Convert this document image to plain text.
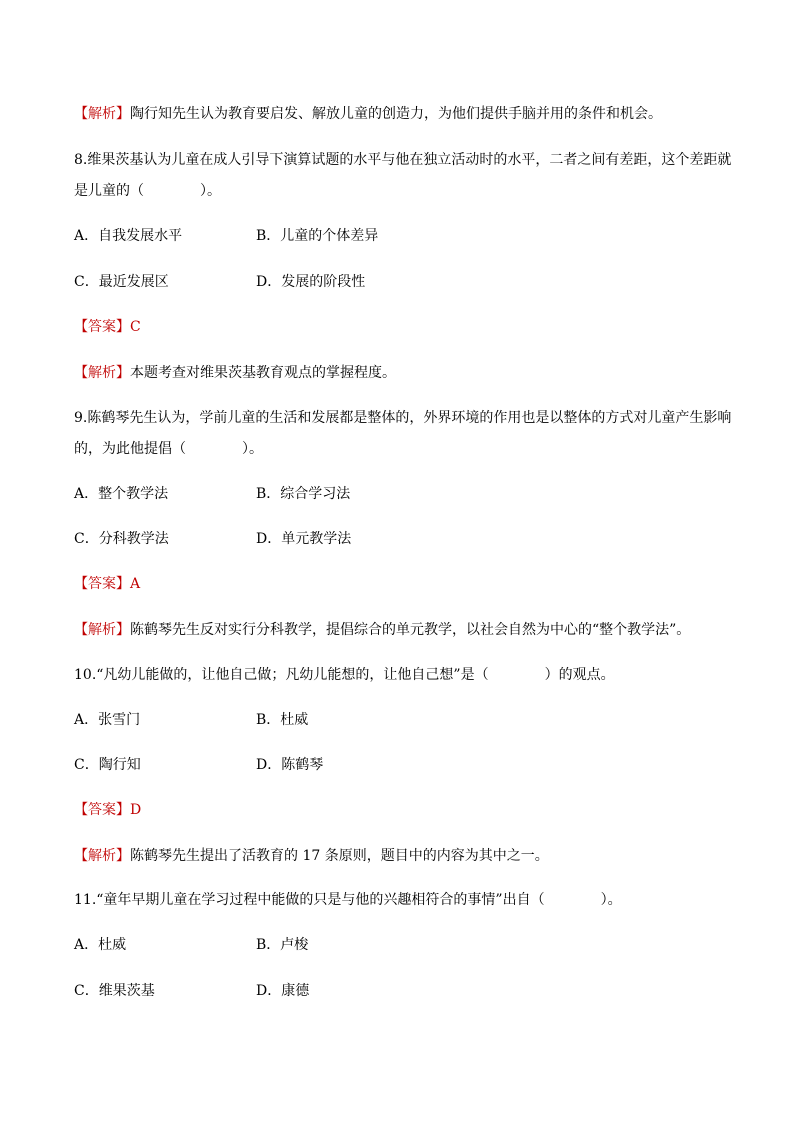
【解析】陶行知先生认为教育要启发、解放儿童的创造力，为他们提供手脑并用的条件和机会。
8.维果茨基认为儿童在成人引导下演算试题的水平与他在独立活动时的水平，二者之间有差距，这个差距就
是儿童的（　　　　）。
A．自我发展水平	B．儿童的个体差异
C．最近发展区	D．发展的阶段性
【答案】C
【解析】本题考查对维果茨基教育观点的掌握程度。
9.陈鹤琴先生认为，学前儿童的生活和发展都是整体的，外界环境的作用也是以整体的方式对儿童产生影响
的，为此他提倡（　　　　）。
A．整个教学法	B．综合学习法
C．分科教学法	D．单元教学法
【答案】A
【解析】陈鹤琴先生反对实行分科教学，提倡综合的单元教学，以社会自然为中心的“整个教学法”。
10.“凡幼儿能做的，让他自己做；凡幼儿能想的，让他自己想”是（　　　　）的观点。
A．张雪门	B．杜威
C．陶行知	D．陈鹤琴
【答案】D
【解析】陈鹤琴先生提出了活教育的 17 条原则，题目中的内容为其中之一。
11.“童年早期儿童在学习过程中能做的只是与他的兴趣相符合的事情”出自（　　　　）。
A．杜威	B．卢梭
C．维果茨基	D．康德
